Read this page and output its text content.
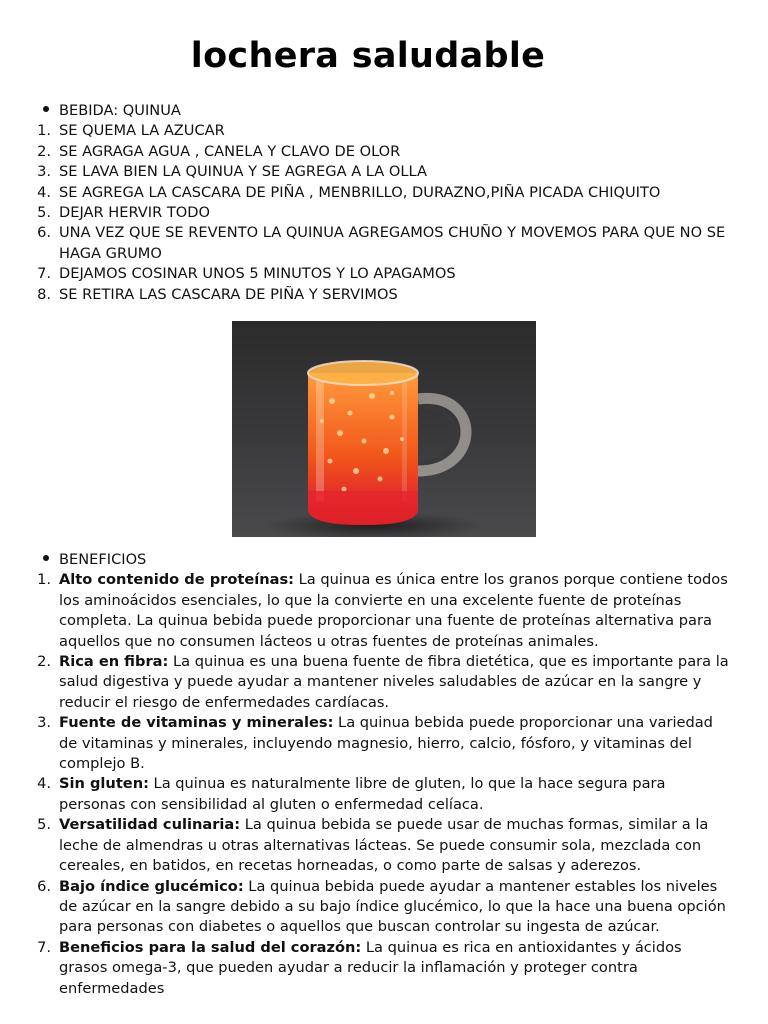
lochera saludable
BEBIDA: QUINUA
1. SE QUEMA LA AZUCAR
2. SE AGRAGA AGUA , CANELA Y CLAVO DE OLOR
3. SE LAVA BIEN LA QUINUA Y SE AGREGA A LA OLLA
4. SE AGREGA LA CASCARA DE PIÑA , MENBRILLO, DURAZNO,PIÑA PICADA CHIQUITO
5. DEJAR HERVIR TODO
6. UNA VEZ QUE SE REVENTO LA QUINUA AGREGAMOS CHUÑO Y MOVEMOS PARA QUE NO SE HAGA GRUMO
7. DEJAMOS COSINAR UNOS 5 MINUTOS Y LO APAGAMOS
8. SE RETIRA LAS CASCARA DE PIÑA Y SERVIMOS
BENEFICIOS
1. Alto contenido de proteínas: La quinua es única entre los granos porque contiene todos los aminoácidos esenciales, lo que la convierte en una excelente fuente de proteínas completa. La quinua bebida puede proporcionar una fuente de proteínas alternativa para aquellos que no consumen lácteos u otras fuentes de proteínas animales.
2. Rica en fibra: La quinua es una buena fuente de fibra dietética, que es importante para la salud digestiva y puede ayudar a mantener niveles saludables de azúcar en la sangre y reducir el riesgo de enfermedades cardíacas.
3. Fuente de vitaminas y minerales: La quinua bebida puede proporcionar una variedad de vitaminas y minerales, incluyendo magnesio, hierro, calcio, fósforo, y vitaminas del complejo B.
4. Sin gluten: La quinua es naturalmente libre de gluten, lo que la hace segura para personas con sensibilidad al gluten o enfermedad celíaca.
5. Versatilidad culinaria: La quinua bebida se puede usar de muchas formas, similar a la leche de almendras u otras alternativas lácteas. Se puede consumir sola, mezclada con cereales, en batidos, en recetas horneadas, o como parte de salsas y aderezos.
6. Bajo índice glucémico: La quinua bebida puede ayudar a mantener estables los niveles de azúcar en la sangre debido a su bajo índice glucémico, lo que la hace una buena opción para personas con diabetes o aquellos que buscan controlar su ingesta de azúcar.
7. Beneficios para la salud del corazón: La quinua es rica en antioxidantes y ácidos grasos omega-3, que pueden ayudar a reducir la inflamación y proteger contra enfermedades
